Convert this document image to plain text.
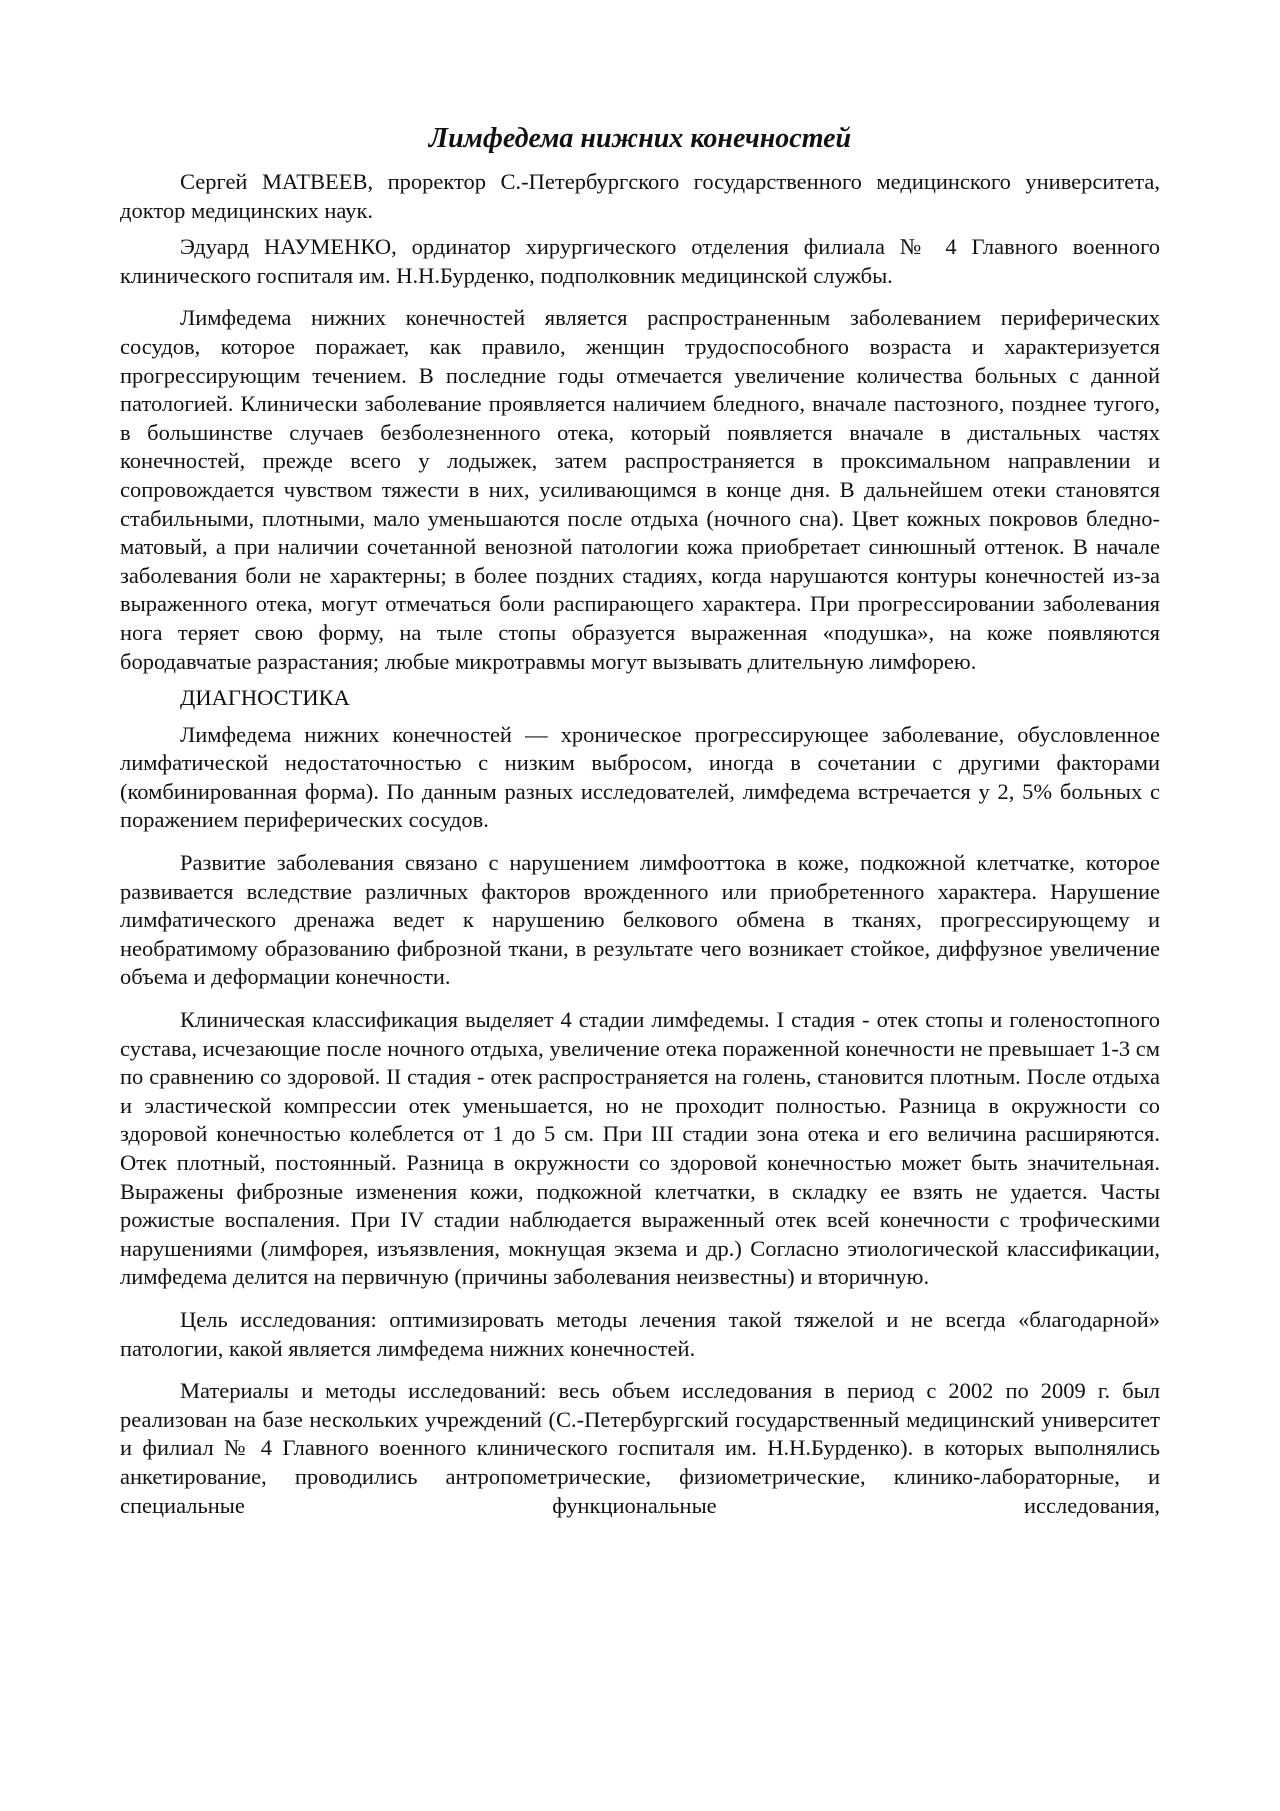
Лимфедема нижних конечностей

Сергей МАТВЕЕВ, проректор С.-Петербургского государственного медицинского университета, доктор медицинских наук.

Эдуард НАУМЕНКО, ординатор хирургического отделения филиала № 4 Главного военного клинического госпиталя им. Н.Н.Бурденко, подполковник медицинской службы.

Лимфедема нижних конечностей является распространенным заболеванием периферических сосудов, которое поражает, как правило, женщин трудоспособного возраста и характеризуется прогрессирующим течением. В последние годы отмечается увеличение количества больных с данной патологией. Клинически заболевание проявляется наличием бледного, вначале пастозного, позднее тугого, в большинстве случаев безболезненного отека, который появляется вначале в дистальных частях конечностей, прежде всего у лодыжек, затем распространяется в проксимальном направлении и сопровождается чувством тяжести в них, усиливающимся в конце дня. В дальнейшем отеки становятся стабильными, плотными, мало уменьшаются после отдыха (ночного сна). Цвет кожных покровов бледно-матовый, а при наличии сочетанной венозной патологии кожа приобретает синюшный оттенок. В начале заболевания боли не характерны; в более поздних стадиях, когда нарушаются контуры конечностей из-за выраженного отека, могут отмечаться боли распирающего характера. При прогрессировании заболевания нога теряет свою форму, на тыле стопы образуется выраженная «подушка», на коже появляются бородавчатые разрастания; любые микротравмы могут вызывать длительную лимфорею.

ДИАГНОСТИКА

Лимфедема нижних конечностей — хроническое прогрессирующее заболевание, обусловленное лимфатической недостаточностью с низким выбросом, иногда в сочетании с другими факторами (комбинированная форма). По данным разных исследователей, лимфедема встречается у 2, 5% больных с поражением периферических сосудов.

Развитие заболевания связано с нарушением лимфооттока в коже, подкожной клетчатке, которое развивается вследствие различных факторов врожденного или приобретенного характера. Нарушение лимфатического дренажа ведет к нарушению белкового обмена в тканях, прогрессирующему и необратимому образованию фиброзной ткани, в результате чего возникает стойкое, диффузное увеличение объема и деформации конечности.

Клиническая классификация выделяет 4 стадии лимфедемы. I стадия - отек стопы и голеностопного сустава, исчезающие после ночного отдыха, увеличение отека пораженной конечности не превышает 1-3 см по сравнению со здоровой. II стадия - отек распространяется на голень, становится плотным. После отдыха и эластической компрессии отек уменьшается, но не проходит полностью. Разница в окружности со здоровой конечностью колеблется от 1 до 5 см. При III стадии зона отека и его величина расширяются. Отек плотный, постоянный. Разница в окружности со здоровой конечностью может быть значительная. Выражены фиброзные изменения кожи, подкожной клетчатки, в складку ее взять не удается. Часты рожистые воспаления. При IV стадии наблюдается выраженный отек всей конечности с трофическими нарушениями (лимфорея, изъязвления, мокнущая экзема и др.) Согласно этиологической классификации, лимфедема делится на первичную (причины заболевания неизвестны) и вторичную.

Цель исследования: оптимизировать методы лечения такой тяжелой и не всегда «благодарной» патологии, какой является лимфедема нижних конечностей.

Материалы и методы исследований: весь объем исследования в период с 2002 по 2009 г. был реализован на базе нескольких учреждений (С.-Петербургский государственный медицинский университет и филиал № 4 Главного военного клинического госпиталя им. Н.Н.Бурденко). в которых выполнялись анкетирование, проводились антропометрические, физиометрические, клинико-лабораторные, и специальные функциональные исследования,
